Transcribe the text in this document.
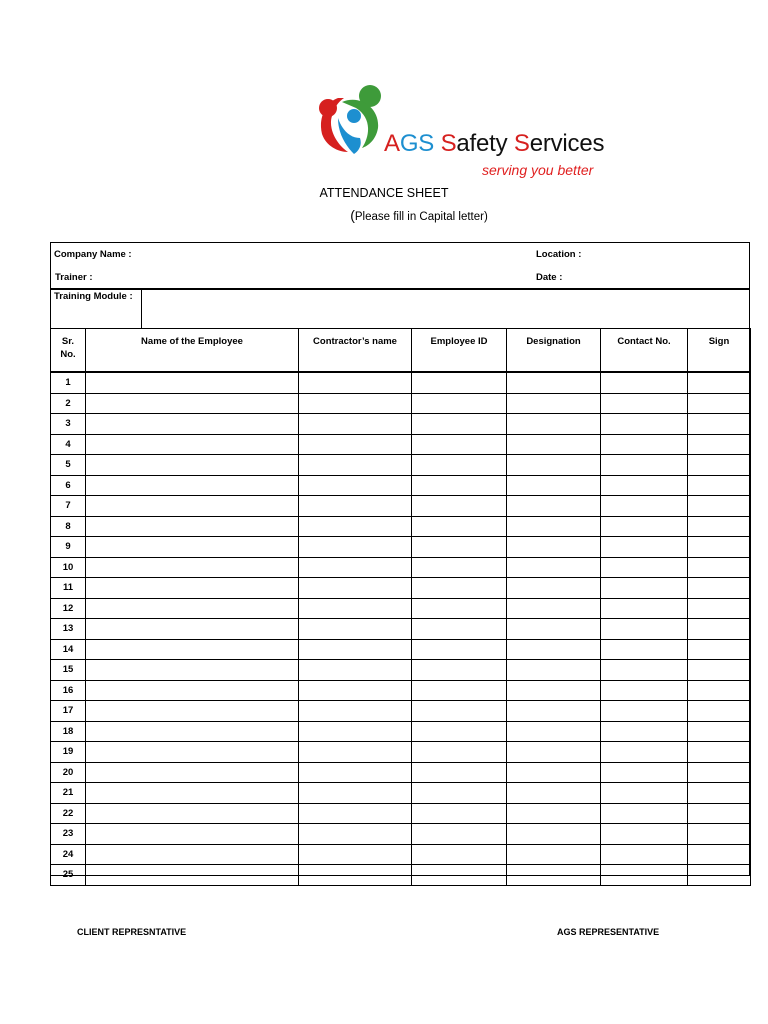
AGS Safety Services
serving you better
ATTENDANCE SHEET
(Please fill in Capital letter)
Company Name :	Location :
Trainer :	Date :
Training Module :
Sr.
No.	Name of the Employee	Contractor’s name	Employee ID	Designation	Contact No.	Sign
1						
2						
3						
4						
5						
6						
7						
8						
9						
10						
11						
12						
13						
14						
15						
16						
17						
18						
19						
20						
21						
22						
23						
24						
25						
CLIENT REPRESNTATIVE	AGS REPRESENTATIVE
